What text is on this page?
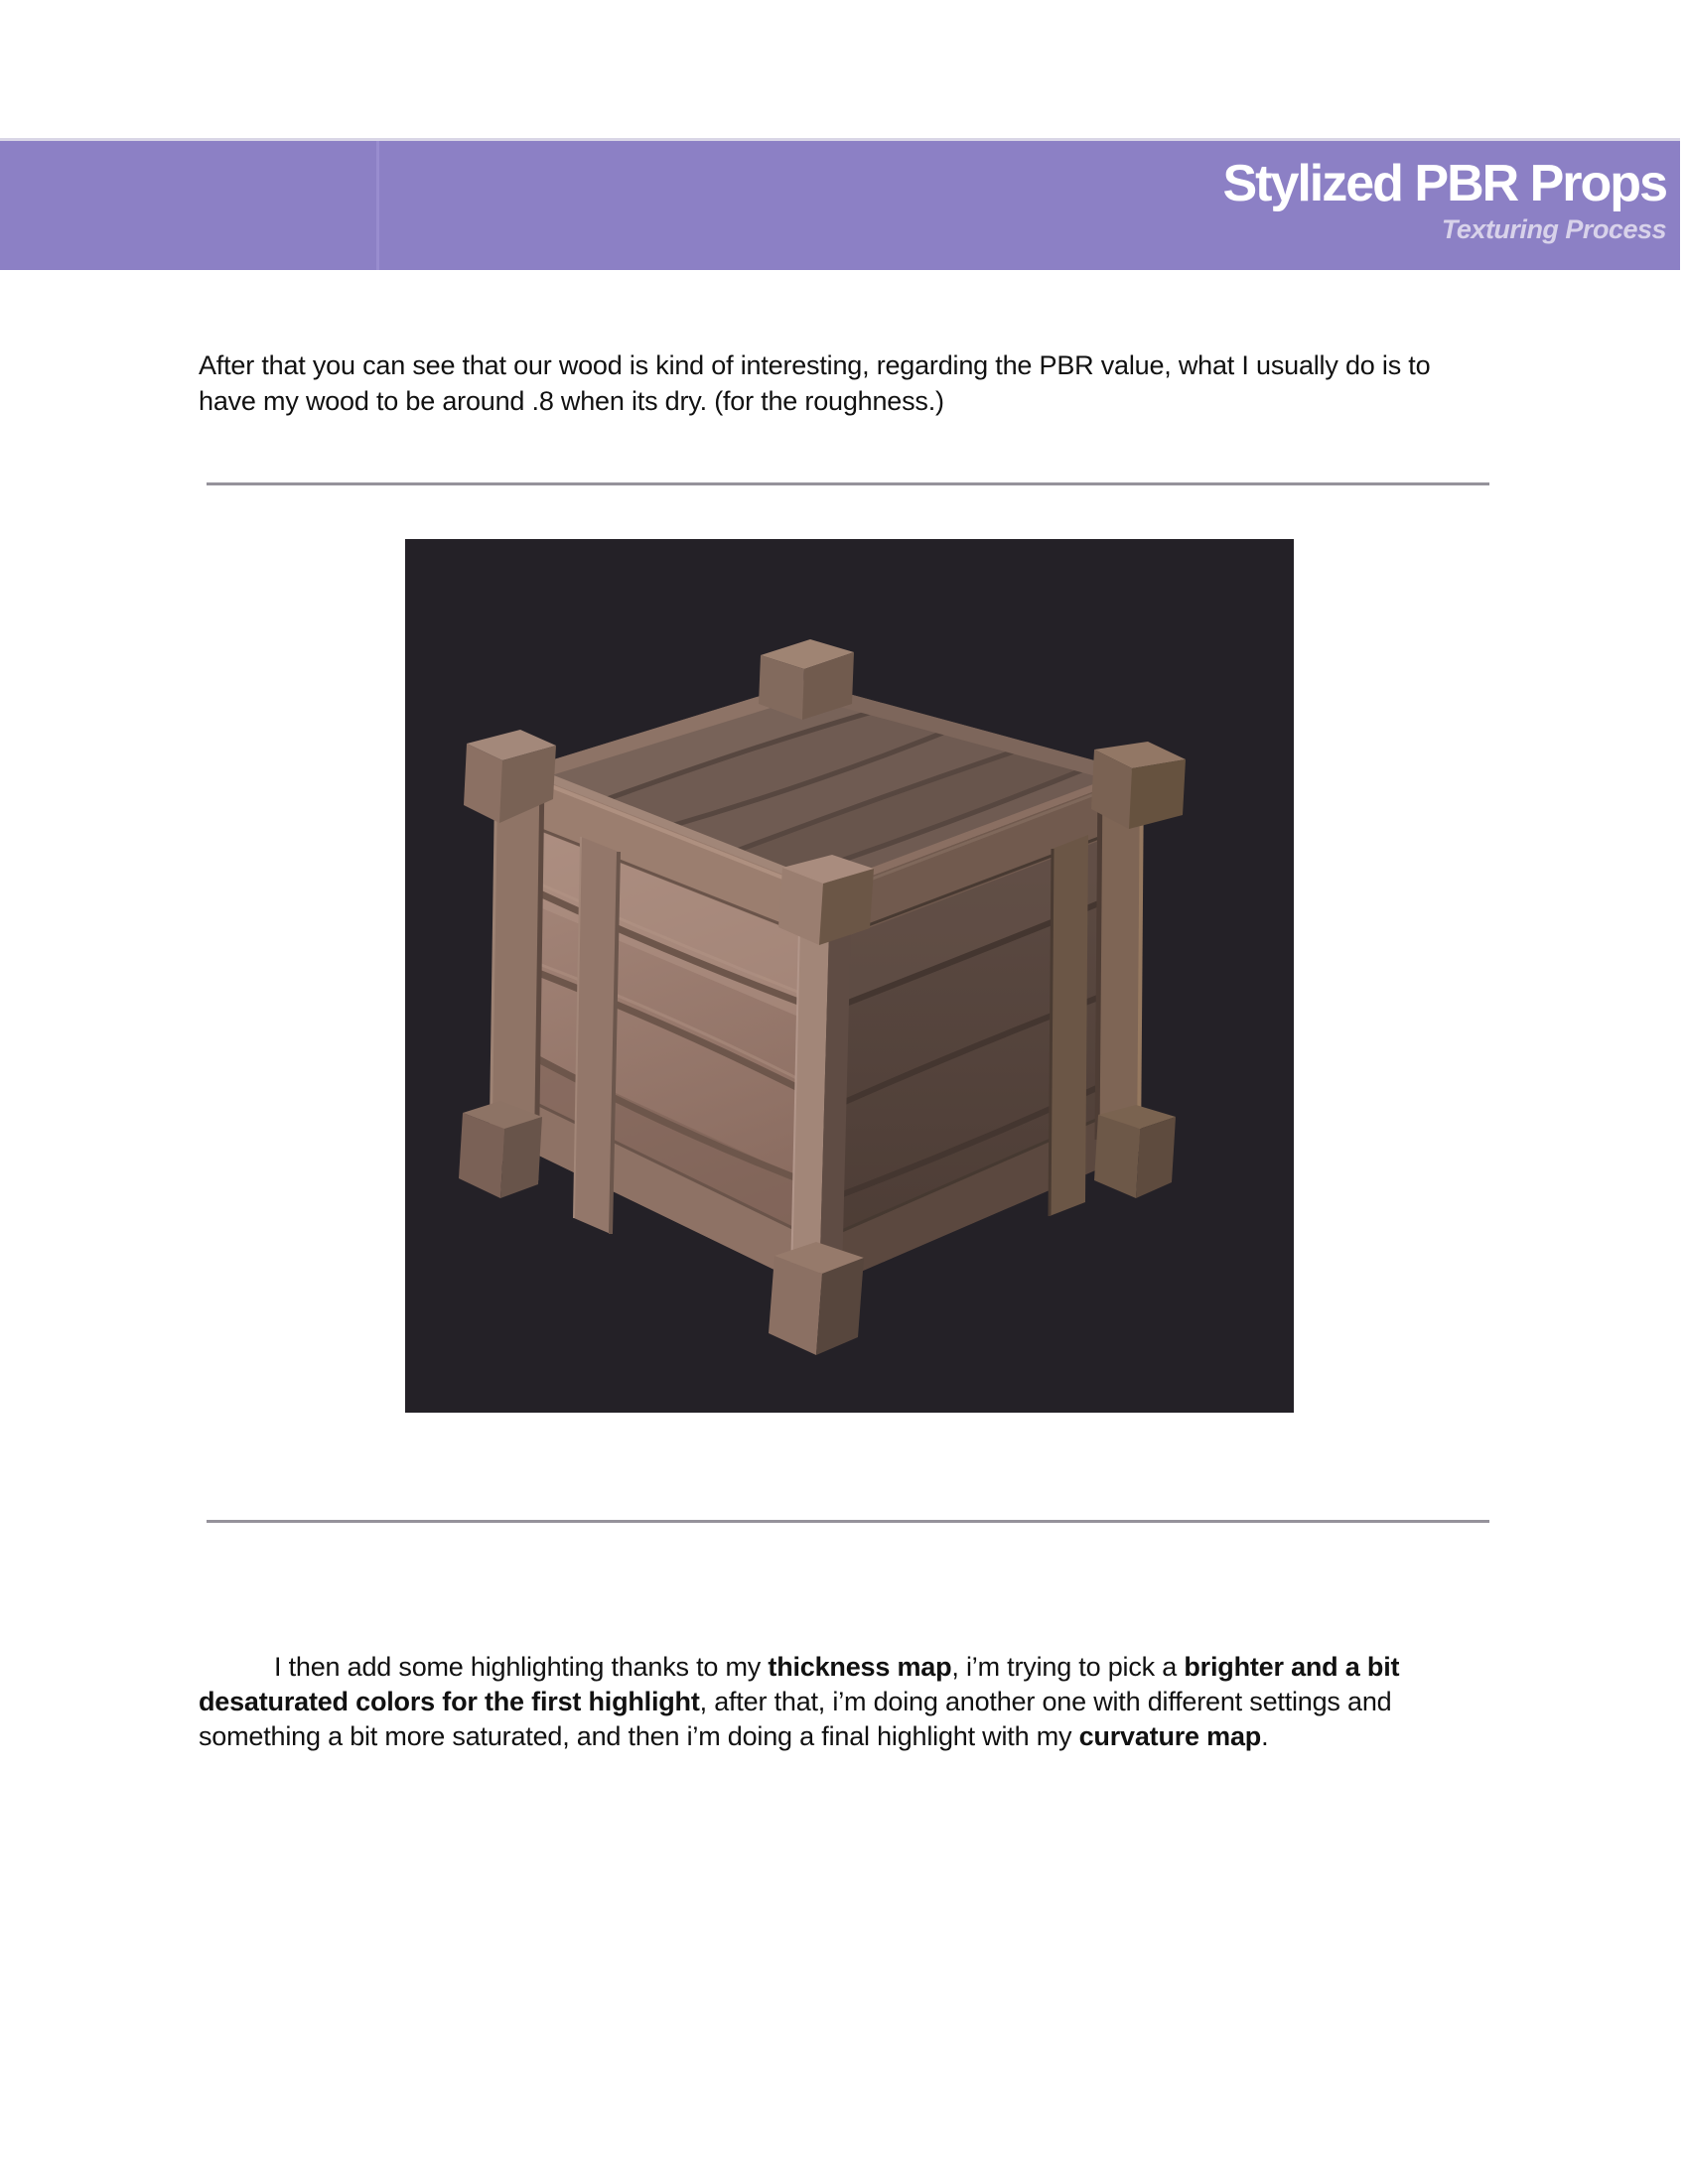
Stylized PBR Props
Texturing Process

After that you can see that our wood is kind of interesting, regarding the PBR value, what I usually do is to have my wood to be around .8 when its dry. (for the roughness.)

I then add some highlighting thanks to my thickness map, i’m trying to pick a brighter and a bit desaturated colors for the first highlight, after that, i’m doing another one with different settings and something a bit more saturated, and then i’m doing a final highlight with my curvature map.
